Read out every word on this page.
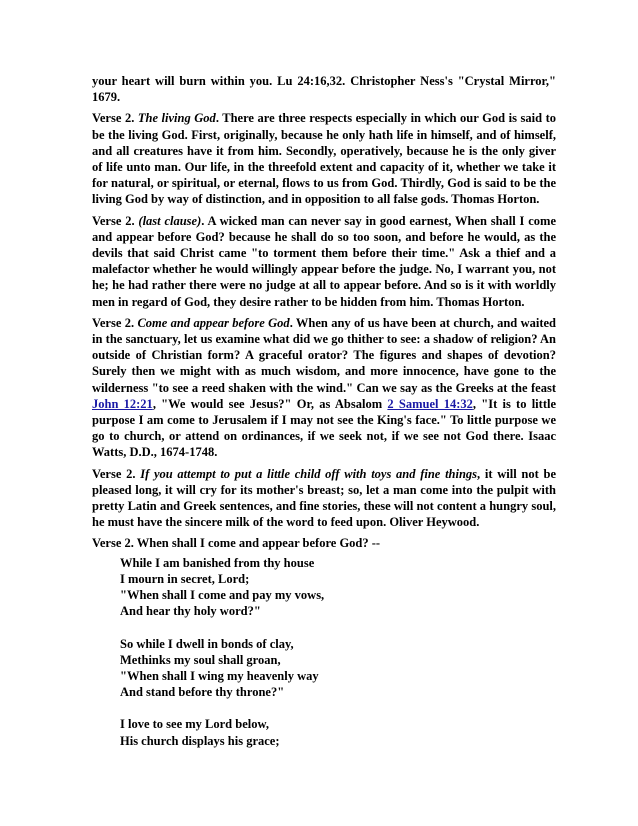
your heart will burn within you. Lu 24:16,32. Christopher Ness's "Crystal Mirror," 1679.

Verse 2. The living God. There are three respects especially in which our God is said to be the living God. First, originally, because he only hath life in himself, and of himself, and all creatures have it from him. Secondly, operatively, because he is the only giver of life unto man. Our life, in the threefold extent and capacity of it, whether we take it for natural, or spiritual, or eternal, flows to us from God. Thirdly, God is said to be the living God by way of distinction, and in opposition to all false gods. Thomas Horton.

Verse 2. (last clause). A wicked man can never say in good earnest, When shall I come and appear before God? because he shall do so too soon, and before he would, as the devils that said Christ came "to torment them before their time." Ask a thief and a malefactor whether he would willingly appear before the judge. No, I warrant you, not he; he had rather there were no judge at all to appear before. And so is it with worldly men in regard of God, they desire rather to be hidden from him. Thomas Horton.

Verse 2. Come and appear before God. When any of us have been at church, and waited in the sanctuary, let us examine what did we go thither to see: a shadow of religion? An outside of Christian form? A graceful orator? The figures and shapes of devotion? Surely then we might with as much wisdom, and more innocence, have gone to the wilderness "to see a reed shaken with the wind." Can we say as the Greeks at the feast John 12:21, "We would see Jesus?" Or, as Absalom 2 Samuel 14:32, "It is to little purpose I am come to Jerusalem if I may not see the King's face." To little purpose we go to church, or attend on ordinances, if we seek not, if we see not God there. Isaac Watts, D.D., 1674-1748.

Verse 2. If you attempt to put a little child off with toys and fine things, it will not be pleased long, it will cry for its mother's breast; so, let a man come into the pulpit with pretty Latin and Greek sentences, and fine stories, these will not content a hungry soul, he must have the sincere milk of the word to feed upon. Oliver Heywood.

Verse 2. When shall I come and appear before God? --

While I am banished from thy house
I mourn in secret, Lord;
"When shall I come and pay my vows,
And hear thy holy word?"
So while I dwell in bonds of clay,
Methinks my soul shall groan,
"When shall I wing my heavenly way
And stand before thy throne?"
I love to see my Lord below,
His church displays his grace;
